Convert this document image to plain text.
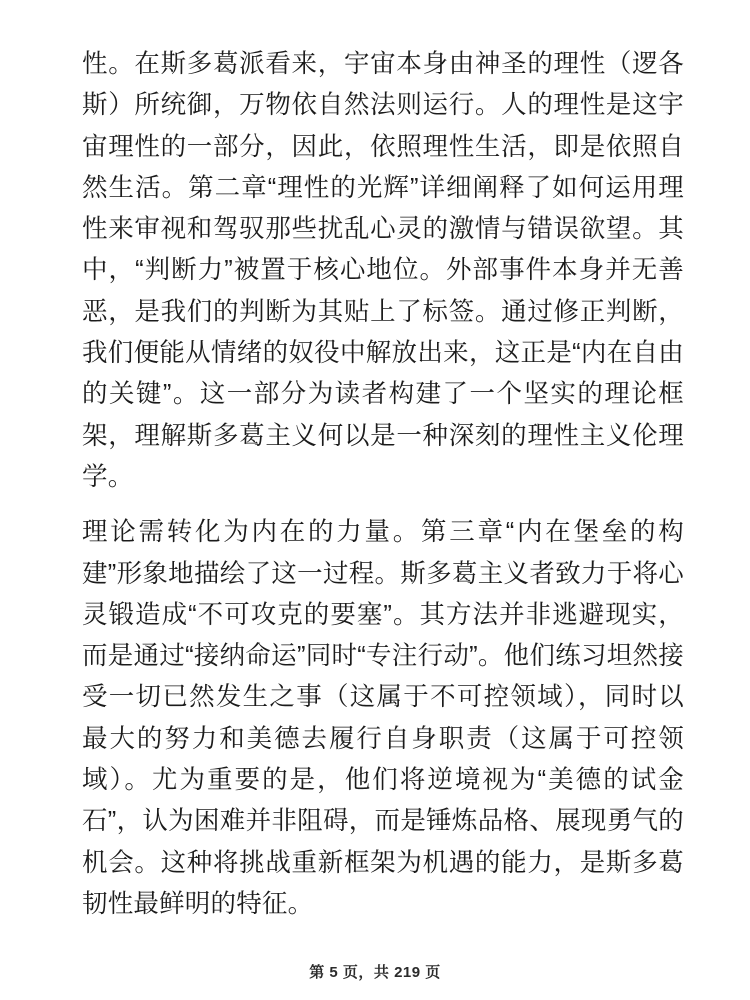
性。在斯多葛派看来，宇宙本身由神圣的理性（逻各斯）所统御，万物依自然法则运行。人的理性是这宇宙理性的一部分，因此，依照理性生活，即是依照自然生活。第二章“理性的光辉”详细阐释了如何运用理性来审视和驾驭那些扰乱心灵的激情与错误欲望。其中，“判断力”被置于核心地位。外部事件本身并无善恶，是我们的判断为其贴上了标签。通过修正判断，我们便能从情绪的奴役中解放出来，这正是“内在自由的关键”。这一部分为读者构建了一个坚实的理论框架，理解斯多葛主义何以是一种深刻的理性主义伦理学。

理论需转化为内在的力量。第三章“内在堡垒的构建”形象地描绘了这一过程。斯多葛主义者致力于将心灵锻造成“不可攻克的要塞”。其方法并非逃避现实，而是通过“接纳命运”同时“专注行动”。他们练习坦然接受一切已然发生之事（这属于不可控领域），同时以最大的努力和美德去履行自身职责（这属于可控领域）。尤为重要的是，他们将逆境视为“美德的试金石”，认为困难并非阻碍，而是锤炼品格、展现勇气的机会。这种将挑战重新框架为机遇的能力，是斯多葛韧性最鲜明的特征。

第 5 页，共 219 页
